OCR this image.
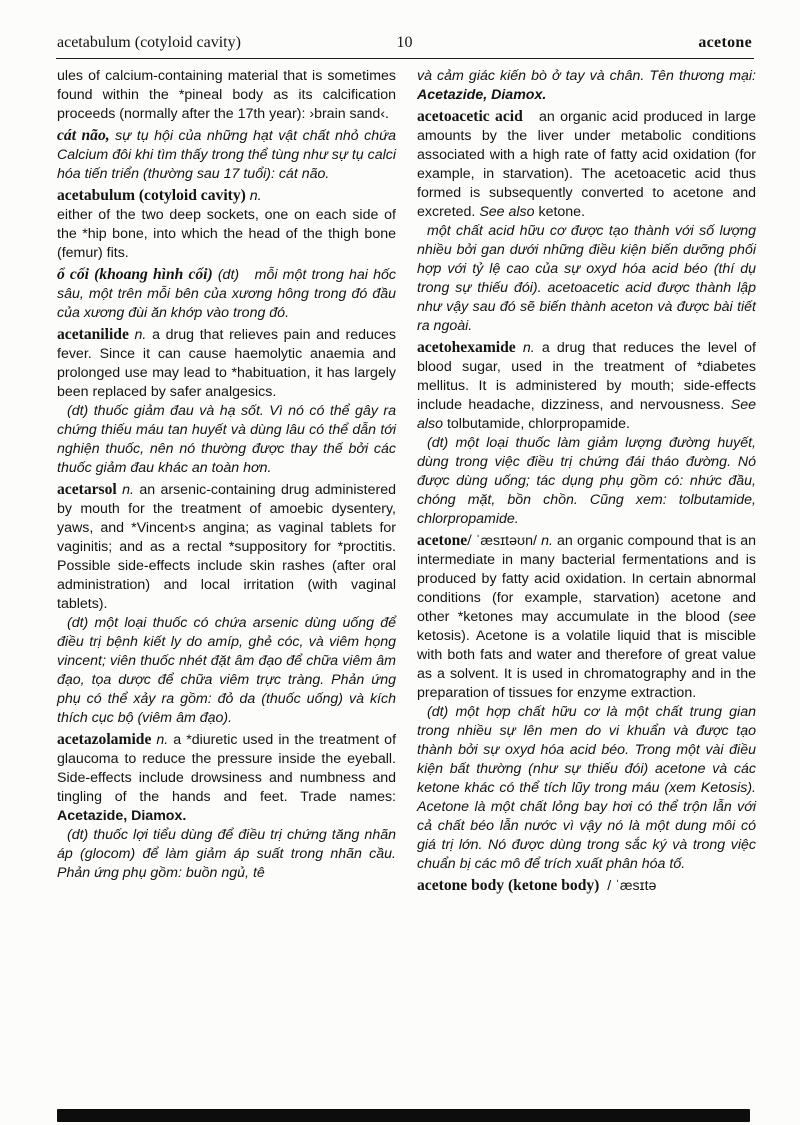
acetabulum (cotyloid cavity)	10	acetone

ules of calcium-containing material that is sometimes found within the *pineal body as its calcification proceeds (normally after the 17th year): ›brain sand‹.

cát não, sự tụ hội của những hạt vật chất nhỏ chứa Calcium đôi khi tìm thấy trong thể tùng như sự tụ calci hóa tiến triển (thường sau 17 tuổi): cát não.

acetabulum (cotyloid cavity) n.
either of the two deep sockets, one on each side of the *hip bone, into which the head of the thigh bone (femur) fits.

ổ cối (khoang hình cối) (dt)   mỗi một trong hai hốc sâu, một trên mỗi bên của xương hông trong đó đầu của xương đùi ăn khớp vào trong đó.

acetanilide n. a drug that relieves pain and reduces fever. Since it can cause haemolytic anaemia and prolonged use may lead to *habituation, it has largely been replaced by safer analgesics.

(dt) thuốc giảm đau và hạ sốt. Vì nó có thể gây ra chứng thiếu máu tan huyết và dùng lâu có thể dẫn tới nghiện thuốc, nên nó thường được thay thế bởi các thuốc giảm đau khác an toàn hơn.

acetarsol n. an arsenic-containing drug administered by mouth for the treatment of amoebic dysentery, yaws, and *Vincent›s angina; as vaginal tablets for vaginitis; and as a rectal *suppository for *proctitis. Possible side-effects include skin rashes (after oral administration) and local irritation (with vaginal tablets).

(dt) một loại thuốc có chứa arsenic dùng uống để điều trị bệnh kiết ly do amíp, ghẻ cóc, và viêm họng vincent; viên thuốc nhét đặt âm đạo để chữa viêm âm đạo, tọa dược để chữa viêm trực tràng. Phản ứng phụ có thể xảy ra gồm: đỏ da (thuốc uống) và kích thích cục bộ (viêm âm đạo).

acetazolamide n. a *diuretic used in the treatment of glaucoma to reduce the pressure inside the eyeball. Side-effects include drowsiness and numbness and tingling of the hands and feet. Trade names: Acetazide, Diamox.

(dt) thuốc lợi tiểu dùng để điều trị chứng tăng nhãn áp (glocom) để làm giảm áp suất trong nhãn cầu. Phản ứng phụ gồm: buồn ngủ, tê

và cảm giác kiến bò ở tay và chân. Tên thương mại: Acetazide, Diamox.

acetoacetic acid   an organic acid produced in large amounts by the liver under metabolic conditions associated with a high rate of fatty acid oxidation (for example, in starvation). The acetoacetic acid thus formed is subsequently converted to acetone and excreted. See also ketone.

một chất acid hữu cơ được tạo thành với số lượng nhiều bởi gan dưới những điều kiện biến dưỡng phối hợp với tỷ lệ cao của sự oxyd hóa acid béo (thí dụ trong sự thiếu đói). acetoacetic acid được thành lập như vậy sau đó sẽ biến thành aceton và được bài tiết ra ngoài.

acetohexamide n. a drug that reduces the level of blood sugar, used in the treatment of *diabetes mellitus. It is administered by mouth; side-effects include headache, dizziness, and nervousness. See also tolbutamide, chlorpropamide.

(dt) một loại thuốc làm giảm lượng đường huyết, dùng trong việc điều trị chứng đái tháo đường. Nó được dùng uống; tác dụng phụ gồm có: nhức đầu, chóng mặt, bồn chồn. Cũng xem: tolbutamide, chlorpropamide.

acetone/ ˈæsɪtəʊn/ n. an organic compound that is an intermediate in many bacterial fermentations and is produced by fatty acid oxidation. In certain abnormal conditions (for example, starvation) acetone and other *ketones may accumulate in the blood (see ketosis). Acetone is a volatile liquid that is miscible with both fats and water and therefore of great value as a solvent. It is used in chromatography and in the preparation of tissues for enzyme extraction.

(dt) một hợp chất hữu cơ là một chất trung gian trong nhiều sự lên men do vi khuẩn và được tạo thành bởi sự oxyd hóa acid béo. Trong một vài điều kiện bất thường (như sự thiếu đói) acetone và các ketone khác có thể tích lũy trong máu (xem Ketosis). Acetone là một chất lỏng bay hơi có thể trộn lẫn với cả chất béo lẫn nước vì vậy nó là một dung môi có giá trị lớn. Nó được dùng trong sắc ký và trong việc chuẩn bị các mô để trích xuất phân hóa tố.

acetone body (ketone body)  / ˈæsɪtə
